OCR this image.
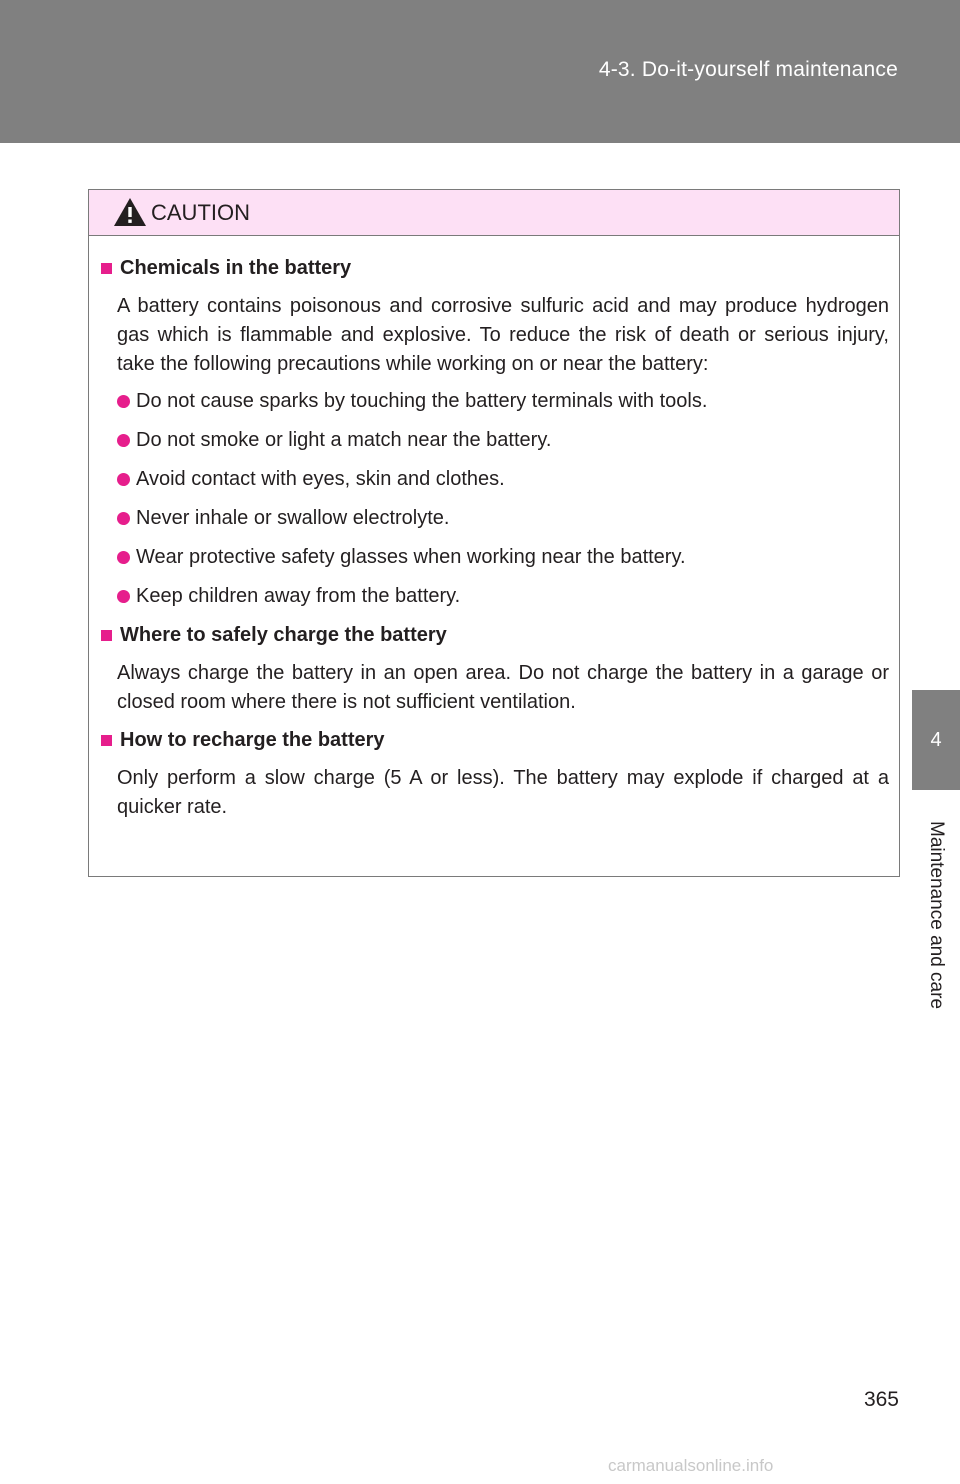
4-3. Do-it-yourself maintenance
4
Maintenance and care
CAUTION
Chemicals in the battery
A battery contains poisonous and corrosive sulfuric acid and may produce hydrogen gas which is flammable and explosive. To reduce the risk of death or serious injury, take the following precautions while working on or near the battery:
Do not cause sparks by touching the battery terminals with tools.
Do not smoke or light a match near the battery.
Avoid contact with eyes, skin and clothes.
Never inhale or swallow electrolyte.
Wear protective safety glasses when working near the battery.
Keep children away from the battery.
Where to safely charge the battery
Always charge the battery in an open area. Do not charge the battery in a garage or closed room where there is not sufficient ventilation.
How to recharge the battery
Only perform a slow charge (5 A or less). The battery may explode if charged at a quicker rate.
365
carmanualsonline.info
